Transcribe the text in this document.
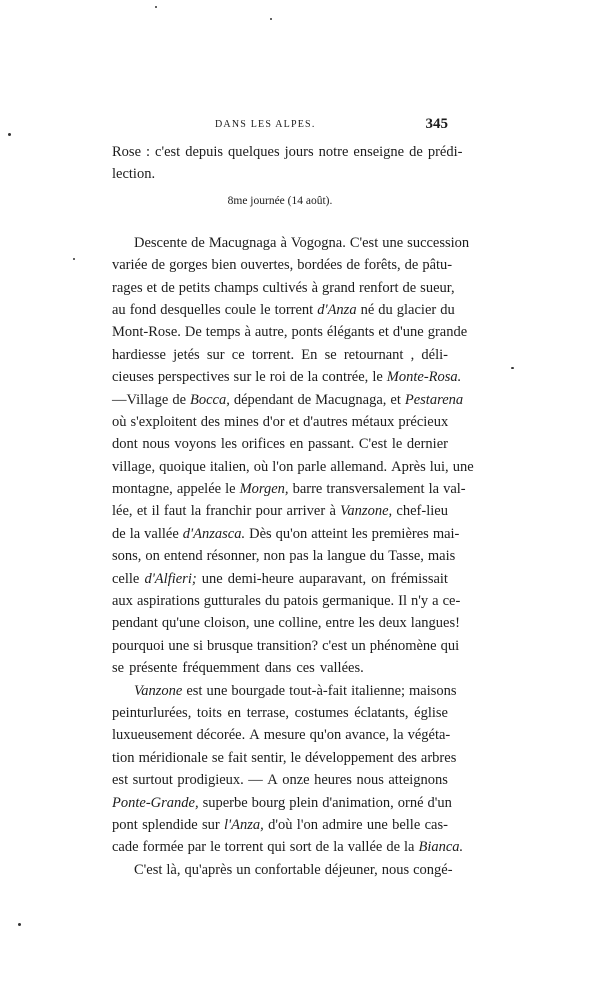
DANS LES ALPES.	345
Rose : c'est depuis quelques jours notre enseigne de prédi-
lection.
8me journée (14 août).
Descente de Macugnaga à Vogogna. C'est une succession
variée de gorges bien ouvertes, bordées de forêts, de pâtu-
rages et de petits champs cultivés à grand renfort de sueur,
au fond desquelles coule le torrent d'Anza né du glacier du
Mont-Rose. De temps à autre, ponts élégants et d'une grande
hardiesse jetés sur ce torrent. En se retournant , déli-
cieuses perspectives sur le roi de la contrée, le Monte-Rosa.
—Village de Bocca, dépendant de Macugnaga, et Pestarena
où s'exploitent des mines d'or et d'autres métaux précieux
dont nous voyons les orifices en passant. C'est le dernier
village, quoique italien, où l'on parle allemand. Après lui, une
montagne, appelée le Morgen, barre transversalement la val-
lée, et il faut la franchir pour arriver à Vanzone, chef-lieu
de la vallée d'Anzasca. Dès qu'on atteint les premières mai-
sons, on entend résonner, non pas la langue du Tasse, mais
celle d'Alfieri; une demi-heure auparavant, on frémissait
aux aspirations gutturales du patois germanique. Il n'y a ce-
pendant qu'une cloison, une colline, entre les deux langues!
pourquoi une si brusque transition? c'est un phénomène qui
se présente fréquemment dans ces vallées.
Vanzone est une bourgade tout-à-fait italienne; maisons
peinturlurées, toits en terrase, costumes éclatants, église
luxueusement décorée. A mesure qu'on avance, la végéta-
tion méridionale se fait sentir, le développement des arbres
est surtout prodigieux. — A onze heures nous atteignons
Ponte-Grande, superbe bourg plein d'animation, orné d'un
pont splendide sur l'Anza, d'où l'on admire une belle cas-
cade formée par le torrent qui sort de la vallée de la Bianca.
C'est là, qu'après un confortable déjeuner, nous congé-
